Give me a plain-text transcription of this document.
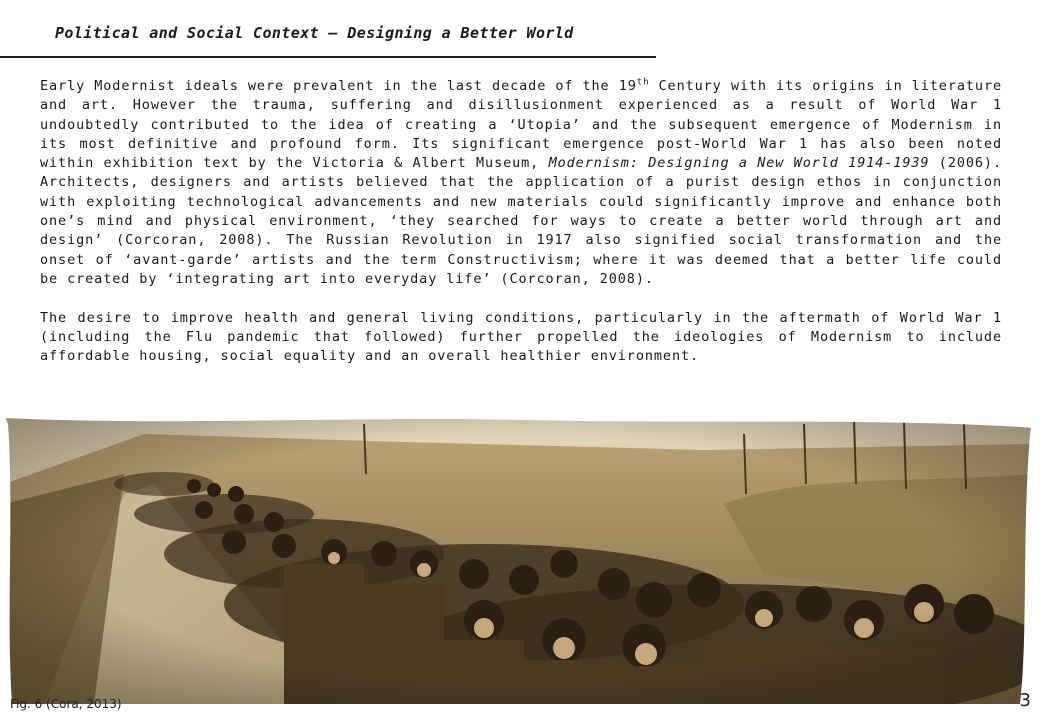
Political and Social Context – Designing a Better World

Early Modernist ideals were prevalent in the last decade of the 19th Century with its origins in literature and art. However the trauma, suffering and disillusionment experienced as a result of World War 1 undoubtedly contributed to the idea of creating a ‘Utopia’ and the subsequent emergence of Modernism in its most definitive and profound form. Its significant emergence post-World War 1 has also been noted within exhibition text by the Victoria & Albert Museum, Modernism: Designing a New World 1914-1939 (2006). Architects, designers and artists believed that the application of a purist design ethos in conjunction with exploiting technological advancements and new materials could significantly improve and enhance both one’s mind and physical environment, ‘they searched for ways to create a better world through art and design’ (Corcoran, 2008). The Russian Revolution in 1917 also signified social transformation and the onset of ‘avant-garde’ artists and the term Constructivism; where it was deemed that a better life could be created by ‘integrating art into everyday life’ (Corcoran, 2008).

The desire to improve health and general living conditions, particularly in the aftermath of World War 1 (including the Flu pandemic that followed) further propelled the ideologies of Modernism to include affordable housing, social equality and an overall healthier environment.

Fig. 6 (Cora, 2013)	3
